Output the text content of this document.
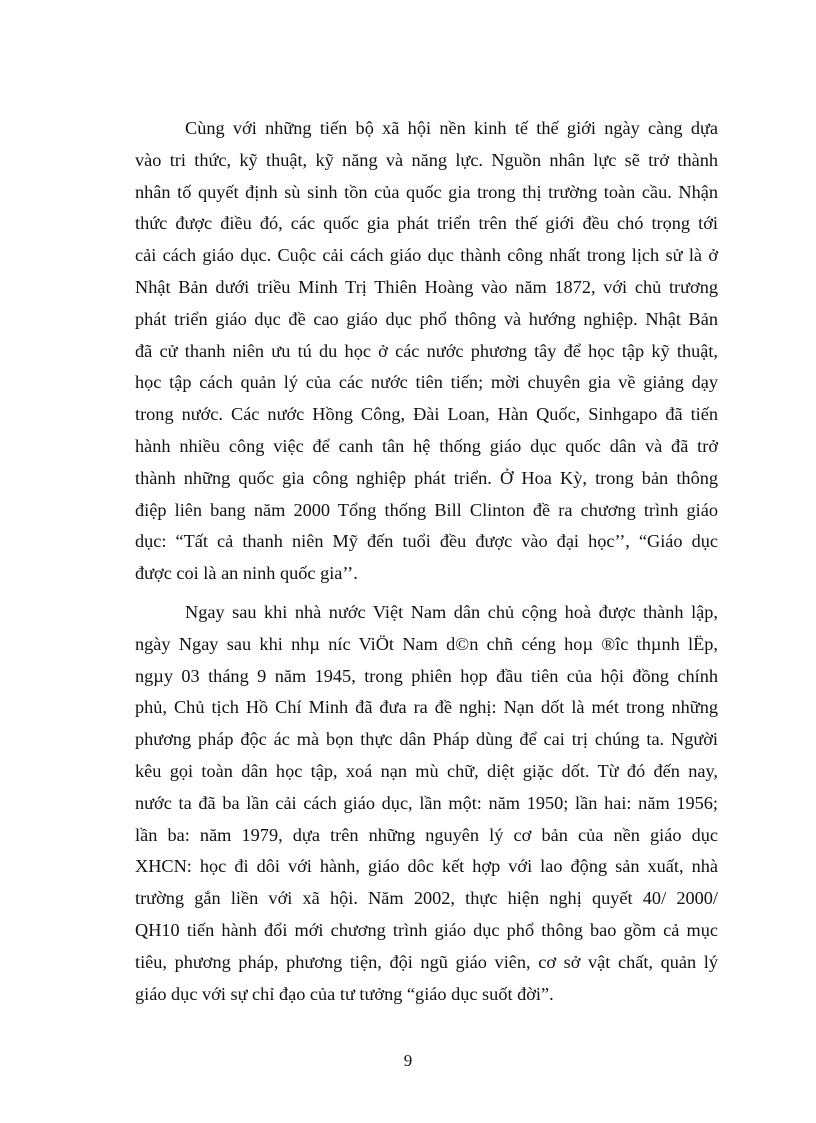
Cùng với những tiến bộ xã hội nền kinh tế thế giới ngày càng dựa
vào tri thức, kỹ thuật, kỹ năng và năng lực. Nguồn nhân lực sẽ trở thành
nhân tố quyết định sù sinh tồn của quốc gia trong thị trường toàn cầu. Nhận
thức được điều đó, các quốc gia phát triển trên thế giới đều chó trọng tới
cải cách giáo dục. Cuộc cải cách giáo dục thành công nhất trong lịch sử là ở
Nhật Bản dưới triều Minh Trị Thiên Hoàng vào năm 1872, với chủ trương
phát triển giáo dục đề cao giáo dục phổ thông và hướng nghiệp. Nhật Bản
đã cử thanh niên ưu tú du học ở các nước phương tây để học tập kỹ thuật,
học tập cách quản lý của các nước tiên tiến; mời chuyên gia về giảng dạy
trong nước. Các nước Hồng Công, Đài Loan, Hàn Quốc, Sinhgapo đã tiến
hành nhiều công việc để canh tân hệ thống giáo dục quốc dân và đã trở
thành những quốc gia công nghiệp phát triển. Ở Hoa Kỳ, trong bản thông
điệp liên bang năm 2000 Tổng thống Bill Clinton đề ra chương trình giáo
dục: “Tất cả thanh niên Mỹ đến tuổi đều được vào đại học’’, “Giáo dục
được coi là an ninh quốc gia’’.

Ngay sau khi nhà nước Việt Nam dân chủ cộng hoà được thành lập,
ngày Ngay sau khi nhµ níc ViÖt Nam d©n chñ céng hoµ ®îc thµnh lËp,
ngµy 03 tháng 9 năm 1945, trong phiên họp đầu tiên của hội đồng chính
phủ, Chủ tịch Hồ Chí Minh đã đưa ra đề nghị: Nạn dốt là mét trong những
phương pháp độc ác mà bọn thực dân Pháp dùng để cai trị chúng ta. Người
kêu gọi toàn dân học tập, xoá nạn mù chữ, diệt giặc dốt. Từ đó đến nay,
nước ta đã ba lần cải cách giáo dục, lần một: năm 1950; lần hai: năm 1956;
lần ba: năm 1979, dựa trên những nguyên lý cơ bản của nền giáo dục
XHCN: học đi dôi với hành, giáo dôc kết hợp với lao động sản xuất, nhà
trường gắn liền với xã hội. Năm 2002, thực hiện nghị quyết 40/ 2000/
QH10 tiến hành đổi mới chương trình giáo dục phổ thông bao gồm cả mục
tiêu, phương pháp, phương tiện, đội ngũ giáo viên, cơ sở vật chất, quản lý
giáo dục với sự chỉ đạo của tư tưởng “giáo dục suốt đời”.

9
